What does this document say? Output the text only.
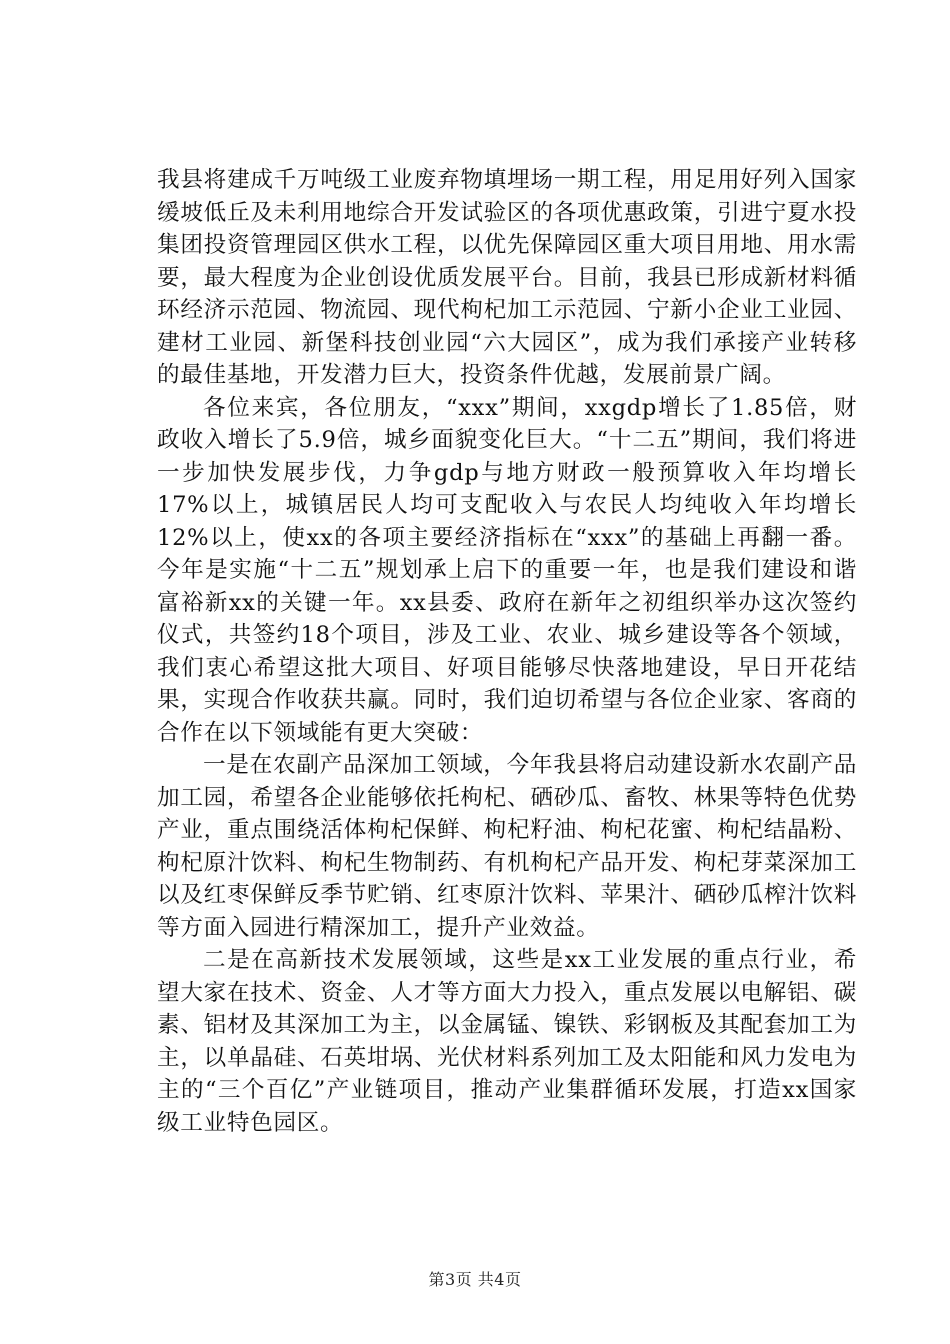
我县将建成千万吨级工业废弃物填埋场一期工程，用足用好列入国家缓坡低丘及未利用地综合开发试验区的各项优惠政策，引进宁夏水投集团投资管理园区供水工程，以优先保障园区重大项目用地、用水需要，最大程度为企业创设优质发展平台。目前，我县已形成新材料循环经济示范园、物流园、现代枸杞加工示范园、宁新小企业工业园、建材工业园、新堡科技创业园“六大园区”，成为我们承接产业转移的最佳基地，开发潜力巨大，投资条件优越，发展前景广阔。

各位来宾，各位朋友，“xxx”期间，xxgdp增长了1.85倍，财政收入增长了5.9倍，城乡面貌变化巨大。“十二五”期间，我们将进一步加快发展步伐，力争gdp与地方财政一般预算收入年均增长17%以上，城镇居民人均可支配收入与农民人均纯收入年均增长12%以上，使xx的各项主要经济指标在“xxx”的基础上再翻一番。今年是实施“十二五”规划承上启下的重要一年，也是我们建设和谐富裕新xx的关键一年。xx县委、政府在新年之初组织举办这次签约仪式，共签约18个项目，涉及工业、农业、城乡建设等各个领域，我们衷心希望这批大项目、好项目能够尽快落地建设，早日开花结果，实现合作收获共赢。同时，我们迫切希望与各位企业家、客商的合作在以下领域能有更大突破：

一是在农副产品深加工领域，今年我县将启动建设新水农副产品加工园，希望各企业能够依托枸杞、硒砂瓜、畜牧、林果等特色优势产业，重点围绕活体枸杞保鲜、枸杞籽油、枸杞花蜜、枸杞结晶粉、枸杞原汁饮料、枸杞生物制药、有机枸杞产品开发、枸杞芽菜深加工以及红枣保鲜反季节贮销、红枣原汁饮料、苹果汁、硒砂瓜榨汁饮料等方面入园进行精深加工，提升产业效益。

二是在高新技术发展领域，这些是xx工业发展的重点行业，希望大家在技术、资金、人才等方面大力投入，重点发展以电解铝、碳素、铝材及其深加工为主，以金属锰、镍铁、彩钢板及其配套加工为主，以单晶硅、石英坩埚、光伏材料系列加工及太阳能和风力发电为主的“三个百亿”产业链项目，推动产业集群循环发展，打造xx国家级工业特色园区。

第3页 共4页
